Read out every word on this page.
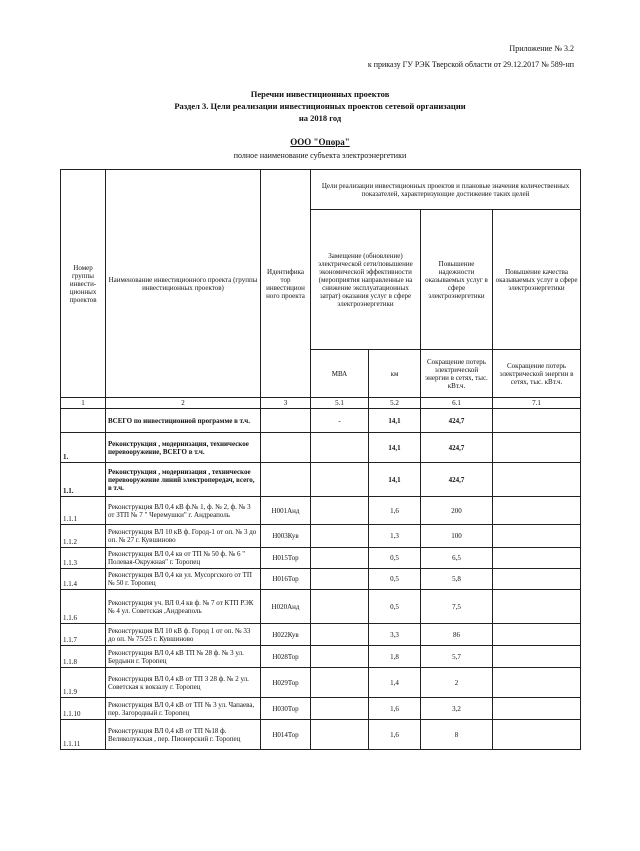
Приложение № 3.2
к приказу ГУ РЭК Тверской области от 29.12.2017 № 589-нп
Перечни инвестиционных проектов
Раздел 3. Цели реализации инвестиционных проектов сетевой организации
на 2018 год
ООО "Опора"
полное наименование субъекта электроэнергетики
Номер группы инвести-ционных проектов	Наименование инвестиционного проекта (группы инвестиционных проектов)	Идентифика тор инвестицион ного проекта	Цели реализации инвестиционных проектов и плановые значения количественных показателей, характеризующие достижение таких целей			
			Замещение (обновление) электрической сети/повышение экономической эффективности (мероприятия направленные на снижение эксплуатационных затрат) оказания услуг в сфере электроэнергетики		Повышение надежности оказываемых услуг в сфере электроэнергетики	Повышение качества оказываемых услуг в сфере электроэнергетики
			МВА	км	Сокращение потерь электрической энергии в сетях, тыс. кВт.ч.	Сокращение потерь электрической энергии в сетях, тыс. кВт.ч.
1	2	3	5.1	5.2	6.1	7.1
	ВСЕГО по инвестиционной программе в т.ч.		-	14,1	424,7	
1.	Реконструкция , модернизация, техническое перевооружение, ВСЕГО в т.ч.			14,1	424,7	
1.1.	Реконструкция , модернизация , техническое перевооружение линий электропередач, всего, в т.ч.			14,1	424,7	
1.1.1	Реконструкция ВЛ 0,4 кВ ф.№ 1, ф. № 2, ф. № 3 от ЗТП № 7 " Черемушки" г. Андреаполь	Н001Анд		1,6	200	
1.1.2	Реконструкция ВЛ 10 кВ ф. Город-1 от оп. № 3 до оп. № 27 г. Кувшиново	Н003Кув		1,3	100	
1.1.3	Реконструкция ВЛ 0,4 кв от ТП № 50 ф. № 6 " Полевая-Окружная" г. Торопец	Н015Тор		0,5	6,5	
1.1.4	Реконструкция ВЛ 0,4 кв ул. Мусоргского от ТП № 50 г. Торопец	Н016Тор		0,5	5,8	
1.1.6	Реконструкция уч. ВЛ 0.4 кв ф. № 7 от КТП РЭК № 4 ул. Советская ,Андреаполь	Н020Анд		0,5	7,5	
1.1.7	Реконструкция ВЛ 10 кВ ф. Город 1 от оп. № 33 до оп. № 75/25 г. Кувшиново	Н022Кув		3,3	86	
1.1.8	Реконструкция ВЛ 0,4 кВ ТП № 28 ф. № 3 ул. Бердыни г. Торопец	Н028Тор		1,8	5,7	
1.1.9	Реконструкция ВЛ 0,4 кВ от ТП 3 28 ф. № 2 ул. Советская к вокзалу г. Торопец	Н029Тор		1,4	2	
1.1.10	Реконструкция ВЛ 0,4 кВ от ТП № 3 ул. Чапаева, пер. Загородный г. Торопец	Н030Тор		1,6	3,2	
1.1.11	Реконструкция ВЛ 0,4 кВ от ТП №18 ф. Великолукская , пер. Пионерский г. Торопец	Н014Тор		1,6	8	
